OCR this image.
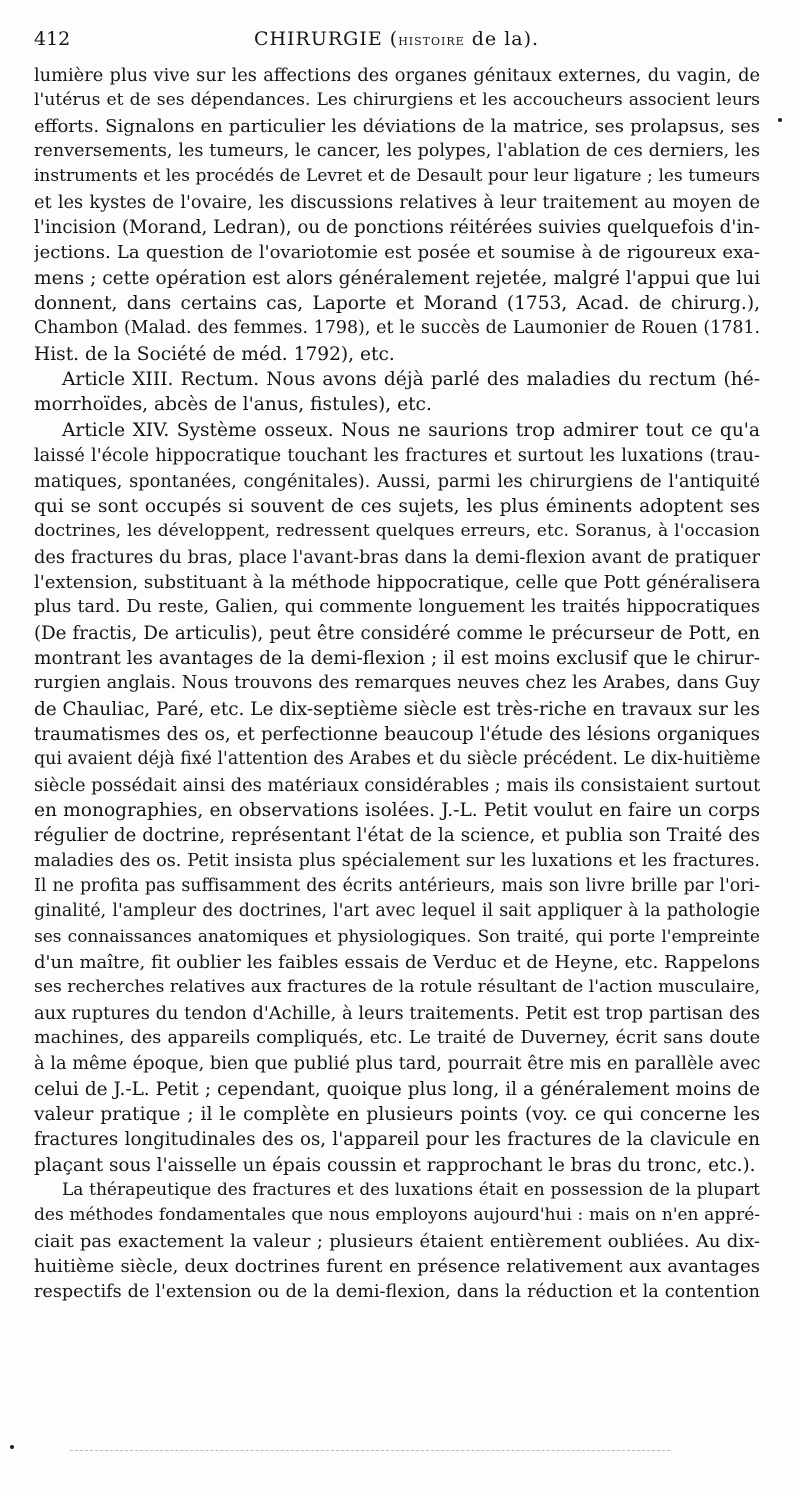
412	CHIRURGIE (histoire de la).
lumière plus vive sur les affections des organes génitaux externes, du vagin, de
l'utérus et de ses dépendances. Les chirurgiens et les accoucheurs associent leurs
efforts. Signalons en particulier les déviations de la matrice, ses prolapsus, ses
renversements, les tumeurs, le cancer, les polypes, l'ablation de ces derniers, les
instruments et les procédés de Levret et de Desault pour leur ligature ; les tumeurs
et les kystes de l'ovaire, les discussions relatives à leur traitement au moyen de
l'incision (Morand, Ledran), ou de ponctions réitérées suivies quelquefois d'in-
jections. La question de l'ovariotomie est posée et soumise à de rigoureux exa-
mens ; cette opération est alors généralement rejetée, malgré l'appui que lui
donnent, dans certains cas, Laporte et Morand (1753, Acad. de chirurg.),
Chambon (Malad. des femmes. 1798), et le succès de Laumonier de Rouen (1781.
Hist. de la Société de méd. 1792), etc.
Article XIII. Rectum. Nous avons déjà parlé des maladies du rectum (hé-
morrhoïdes, abcès de l'anus, fistules), etc.
Article XIV. Système osseux. Nous ne saurions trop admirer tout ce qu'a
laissé l'école hippocratique touchant les fractures et surtout les luxations (trau-
matiques, spontanées, congénitales). Aussi, parmi les chirurgiens de l'antiquité
qui se sont occupés si souvent de ces sujets, les plus éminents adoptent ses
doctrines, les développent, redressent quelques erreurs, etc. Soranus, à l'occasion
des fractures du bras, place l'avant-bras dans la demi-flexion avant de pratiquer
l'extension, substituant à la méthode hippocratique, celle que Pott généralisera
plus tard. Du reste, Galien, qui commente longuement les traités hippocratiques
(De fractis, De articulis), peut être considéré comme le précurseur de Pott, en
montrant les avantages de la demi-flexion ; il est moins exclusif que le chirur-
rurgien anglais. Nous trouvons des remarques neuves chez les Arabes, dans Guy
de Chauliac, Paré, etc. Le dix-septième siècle est très-riche en travaux sur les
traumatismes des os, et perfectionne beaucoup l'étude des lésions organiques
qui avaient déjà fixé l'attention des Arabes et du siècle précédent. Le dix-huitième
siècle possédait ainsi des matériaux considérables ; mais ils consistaient surtout
en monographies, en observations isolées. J.-L. Petit voulut en faire un corps
régulier de doctrine, représentant l'état de la science, et publia son Traité des
maladies des os. Petit insista plus spécialement sur les luxations et les fractures.
Il ne profita pas suffisamment des écrits antérieurs, mais son livre brille par l'ori-
ginalité, l'ampleur des doctrines, l'art avec lequel il sait appliquer à la pathologie
ses connaissances anatomiques et physiologiques. Son traité, qui porte l'empreinte
d'un maître, fit oublier les faibles essais de Verduc et de Heyne, etc. Rappelons
ses recherches relatives aux fractures de la rotule résultant de l'action musculaire,
aux ruptures du tendon d'Achille, à leurs traitements. Petit est trop partisan des
machines, des appareils compliqués, etc. Le traité de Duverney, écrit sans doute
à la même époque, bien que publié plus tard, pourrait être mis en parallèle avec
celui de J.-L. Petit ; cependant, quoique plus long, il a généralement moins de
valeur pratique ; il le complète en plusieurs points (voy. ce qui concerne les
fractures longitudinales des os, l'appareil pour les fractures de la clavicule en
plaçant sous l'aisselle un épais coussin et rapprochant le bras du tronc, etc.).
La thérapeutique des fractures et des luxations était en possession de la plupart
des méthodes fondamentales que nous employons aujourd'hui : mais on n'en appré-
ciait pas exactement la valeur ; plusieurs étaient entièrement oubliées. Au dix-
huitième siècle, deux doctrines furent en présence relativement aux avantages
respectifs de l'extension ou de la demi-flexion, dans la réduction et la contention
